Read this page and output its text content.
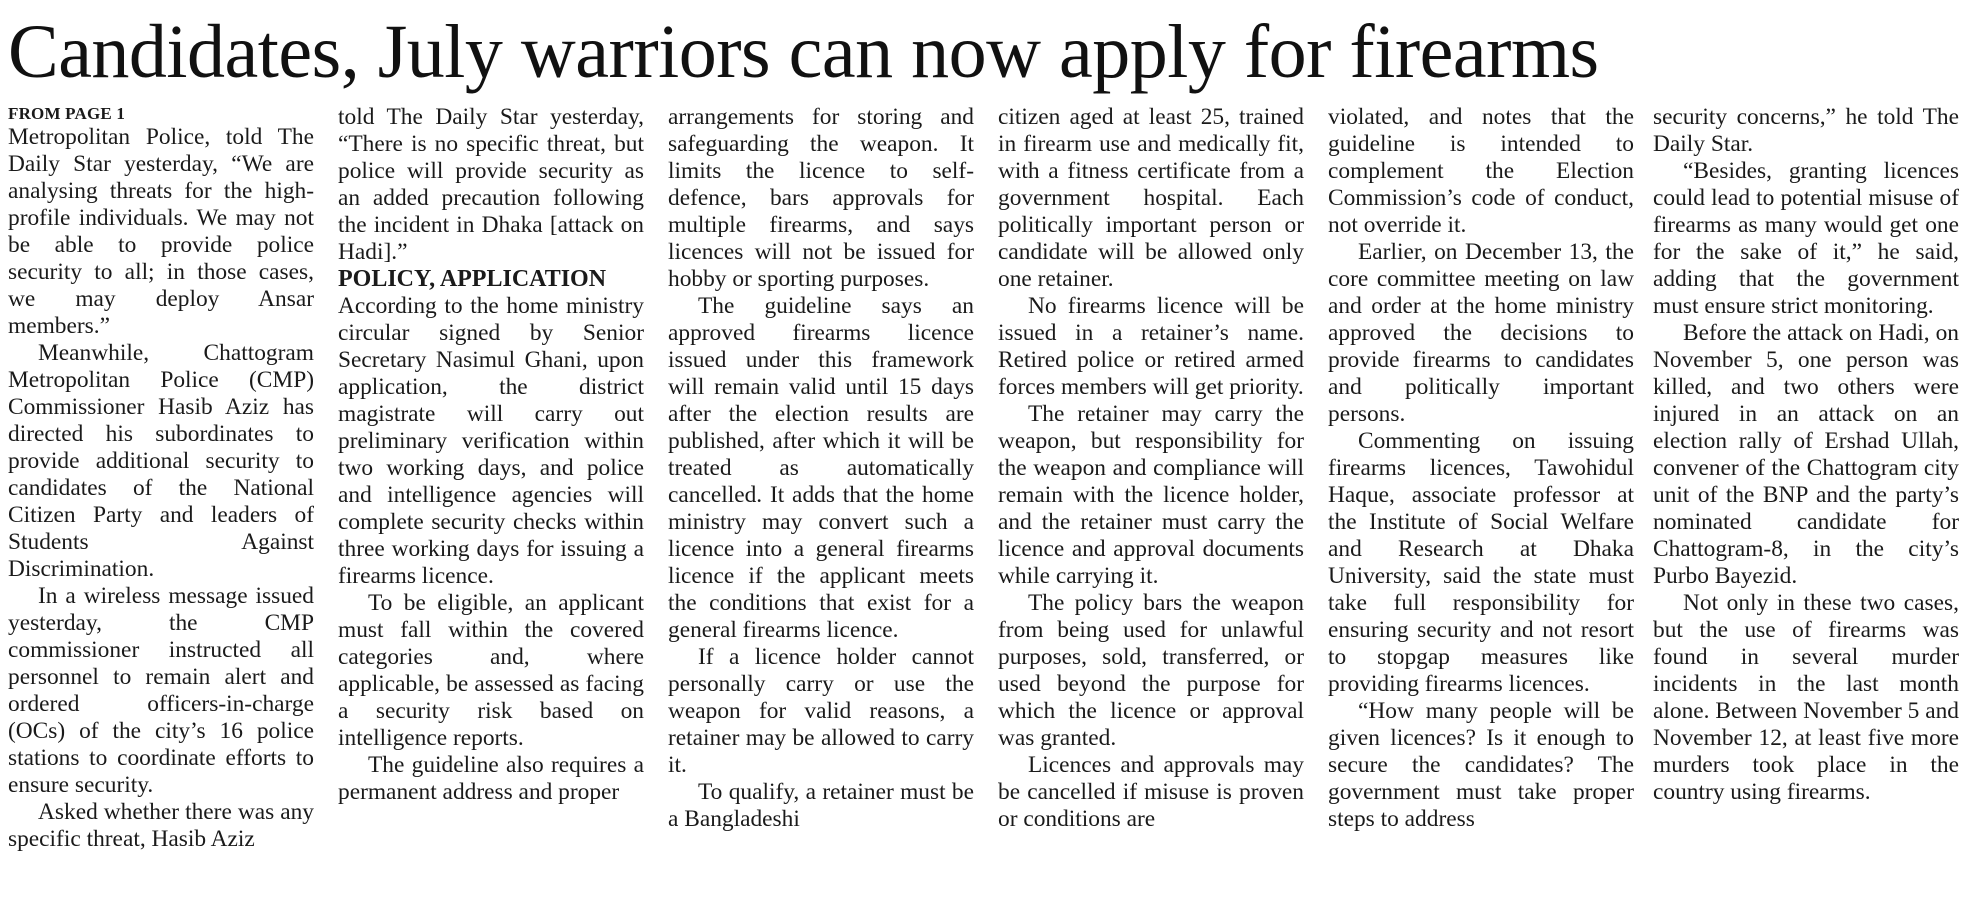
Candidates, July warriors can now apply for firearms
FROM PAGE 1

Metropolitan Police, told The Daily Star yesterday, “We are analysing threats for the high-profile individuals. We may not be able to provide police security to all; in those cases, we may deploy Ansar members.”

Meanwhile, Chattogram Metropolitan Police (CMP) Commissioner Hasib Aziz has directed his subordinates to provide additional security to candidates of the National Citizen Party and leaders of Students Against Discrimination.

In a wireless message issued yesterday, the CMP commissioner instructed all personnel to remain alert and ordered officers-in-charge (OCs) of the city’s 16 police stations to coordinate efforts to ensure security.

Asked whether there was any specific threat, Hasib Aziz

told The Daily Star yesterday, “There is no specific threat, but police will provide security as an added precaution following the incident in Dhaka [attack on Hadi].”

POLICY, APPLICATION

According to the home ministry circular signed by Senior Secretary Nasimul Ghani, upon application, the district magistrate will carry out preliminary verification within two working days, and police and intelligence agencies will complete security checks within three working days for issuing a firearms licence.

To be eligible, an applicant must fall within the covered categories and, where applicable, be assessed as facing a security risk based on intelligence reports.

The guideline also requires a permanent address and proper

arrangements for storing and safeguarding the weapon. It limits the licence to self-defence, bars approvals for multiple firearms, and says licences will not be issued for hobby or sporting purposes.

The guideline says an approved firearms licence issued under this framework will remain valid until 15 days after the election results are published, after which it will be treated as automatically cancelled. It adds that the home ministry may convert such a licence into a general firearms licence if the applicant meets the conditions that exist for a general firearms licence.

If a licence holder cannot personally carry or use the weapon for valid reasons, a retainer may be allowed to carry it.

To qualify, a retainer must be a Bangladeshi

citizen aged at least 25, trained in firearm use and medically fit, with a fitness certificate from a government hospital. Each politically important person or candidate will be allowed only one retainer.

No firearms licence will be issued in a retainer’s name. Retired police or retired armed forces members will get priority.

The retainer may carry the weapon, but responsibility for the weapon and compliance will remain with the licence holder, and the retainer must carry the licence and approval documents while carrying it.

The policy bars the weapon from being used for unlawful purposes, sold, transferred, or used beyond the purpose for which the licence or approval was granted.

Licences and approvals may be cancelled if misuse is proven or conditions are

violated, and notes that the guideline is intended to complement the Election Commission’s code of conduct, not override it.

Earlier, on December 13, the core committee meeting on law and order at the home ministry approved the decisions to provide firearms to candidates and politically important persons.

Commenting on issuing firearms licences, Tawohidul Haque, associate professor at the Institute of Social Welfare and Research at Dhaka University, said the state must take full responsibility for ensuring security and not resort to stopgap measures like providing firearms licences.

“How many people will be given licences? Is it enough to secure the candidates? The government must take proper steps to address

security concerns,” he told The Daily Star.

“Besides, granting licences could lead to potential misuse of firearms as many would get one for the sake of it,” he said, adding that the government must ensure strict monitoring.

Before the attack on Hadi, on November 5, one person was killed, and two others were injured in an attack on an election rally of Ershad Ullah, convener of the Chattogram city unit of the BNP and the party’s nominated candidate for Chattogram-8, in the city’s Purbo Bayezid.

Not only in these two cases, but the use of firearms was found in several murder incidents in the last month alone. Between November 5 and November 12, at least five more murders took place in the country using firearms.
